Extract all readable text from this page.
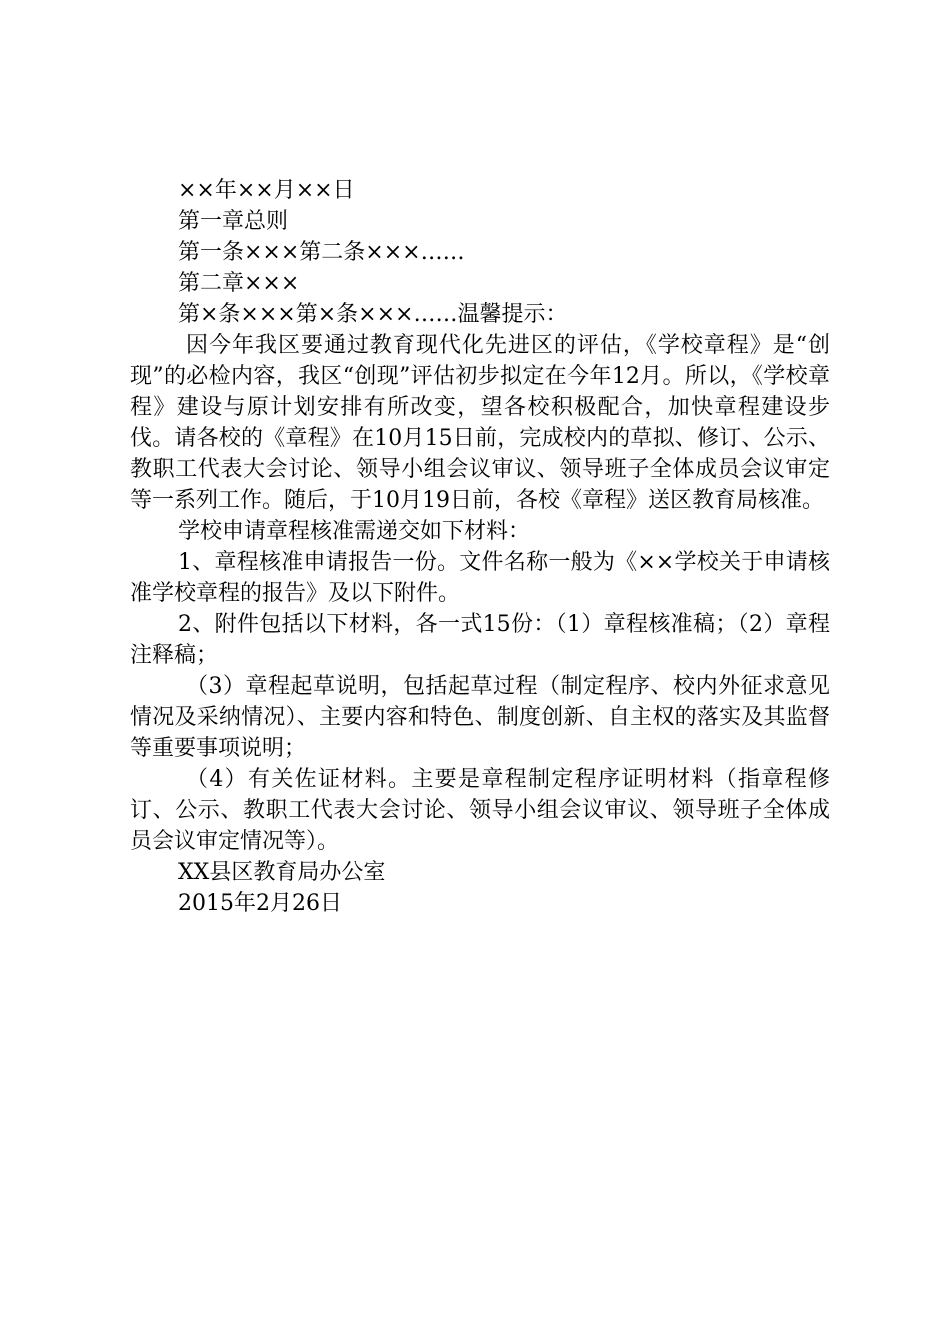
××年××月××日

第一章总则

第一条×××第二条×××……

第二章×××

第×条×××第×条×××……温馨提示：

因今年我区要通过教育现代化先进区的评估，《学校章程》是“创现”的必检内容，我区“创现”评估初步拟定在今年12月。所以，《学校章程》建设与原计划安排有所改变，望各校积极配合，加快章程建设步伐。请各校的《章程》在10月15日前，完成校内的草拟、修订、公示、教职工代表大会讨论、领导小组会议审议、领导班子全体成员会议审定等一系列工作。随后，于10月19日前，各校《章程》送区教育局核准。

学校申请章程核准需递交如下材料：

1、章程核准申请报告一份。文件名称一般为《××学校关于申请核准学校章程的报告》及以下附件。

2、附件包括以下材料，各一式15份：（1）章程核准稿；（2）章程注释稿；

（3）章程起草说明，包括起草过程（制定程序、校内外征求意见情况及采纳情况）、主要内容和特色、制度创新、自主权的落实及其监督等重要事项说明；

（4）有关佐证材料。主要是章程制定程序证明材料（指章程修订、公示、教职工代表大会讨论、领导小组会议审议、领导班子全体成员会议审定情况等）。

XX县区教育局办公室

2015年2月26日
